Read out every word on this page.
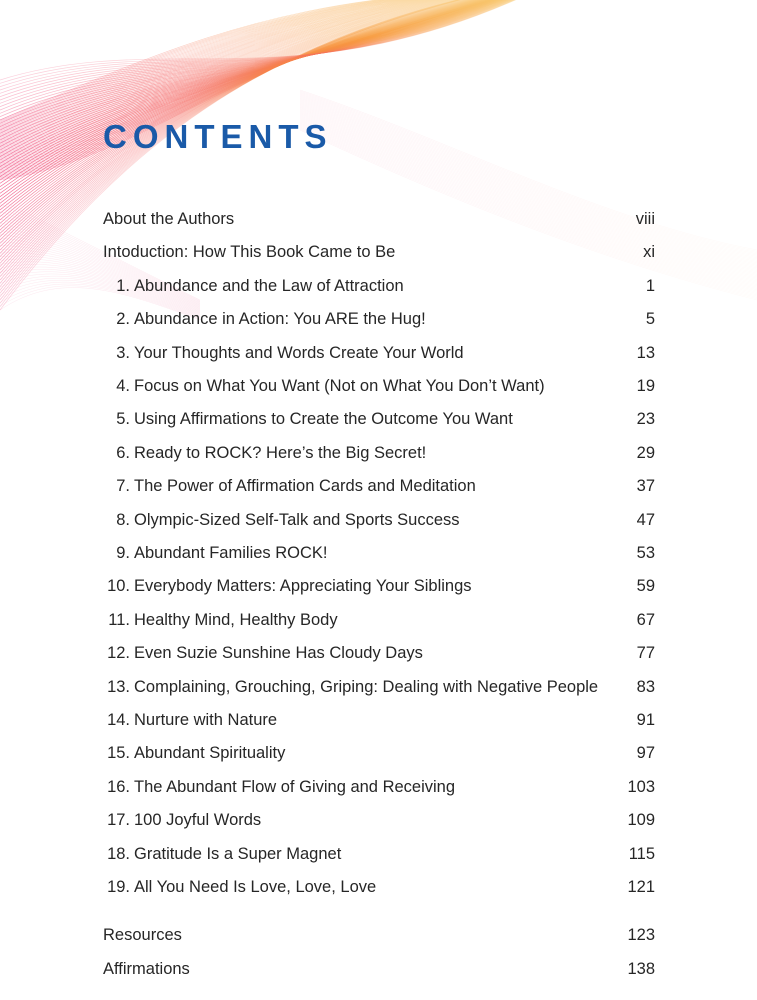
CONTENTS
About the Authors	viii
Intoduction: How This Book Came to Be	xi
1. Abundance and the Law of Attraction	1
2. Abundance in Action: You ARE the Hug!	5
3. Your Thoughts and Words Create Your World	13
4. Focus on What You Want (Not on What You Don’t Want)	19
5. Using Affirmations to Create the Outcome You Want	23
6. Ready to ROCK? Here’s the Big Secret!	29
7. The Power of Affirmation Cards and Meditation	37
8. Olympic-Sized Self-Talk and Sports Success	47
9. Abundant Families ROCK!	53
10. Everybody Matters: Appreciating Your Siblings	59
11. Healthy Mind, Healthy Body	67
12. Even Suzie Sunshine Has Cloudy Days	77
13. Complaining, Grouching, Griping: Dealing with Negative People 83
14. Nurture with Nature	91
15. Abundant Spirituality	97
16. The Abundant Flow of Giving and Receiving	103
17. 100 Joyful Words	109
18. Gratitude Is a Super Magnet	115
19. All You Need Is Love, Love, Love	121
Resources	123
Affirmations	138
